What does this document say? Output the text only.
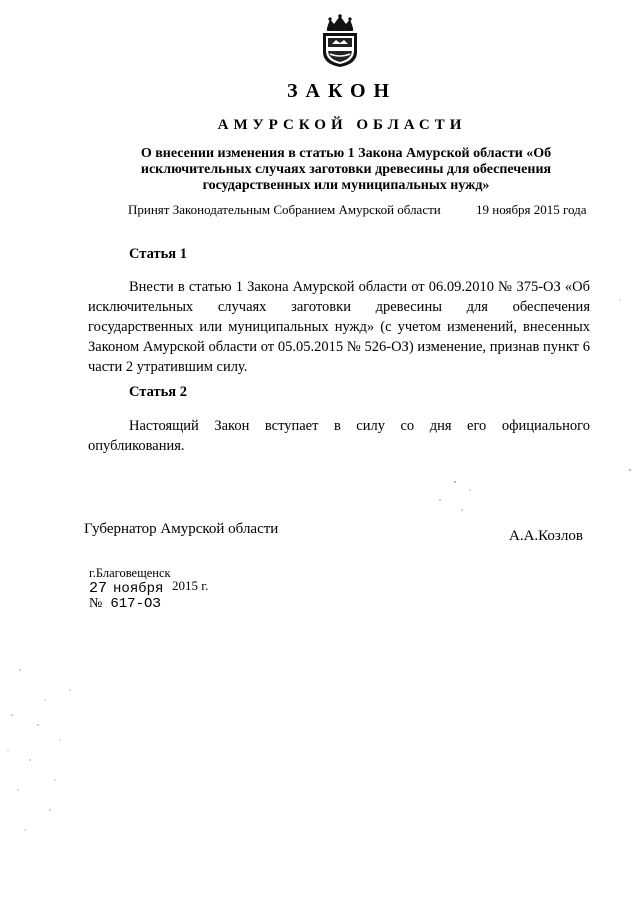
ЗАКОН
АМУРСКОЙ ОБЛАСТИ
О внесении изменения в статью 1 Закона Амурской области «Об исключительных случаях заготовки древесины для обеспечения государственных или муниципальных нужд»
Принят Законодательным Собранием Амурской области	19 ноября 2015 года
Статья 1
Внести в статью 1 Закона Амурской области от 06.09.2010 № 375-ОЗ «Об исключительных случаях заготовки древесины для обеспечения государственных или муниципальных нужд» (с учетом изменений, внесенных Законом Амурской области от 05.05.2015 № 526-ОЗ) изменение, признав пункт 6 части 2 утратившим силу.
Статья 2
Настоящий Закон вступает в силу со дня его официального опубликования.
Губернатор Амурской области	А.А.Козлов
г.Благовещенск
27 ноября 2015 г.
№ 617-ОЗ
